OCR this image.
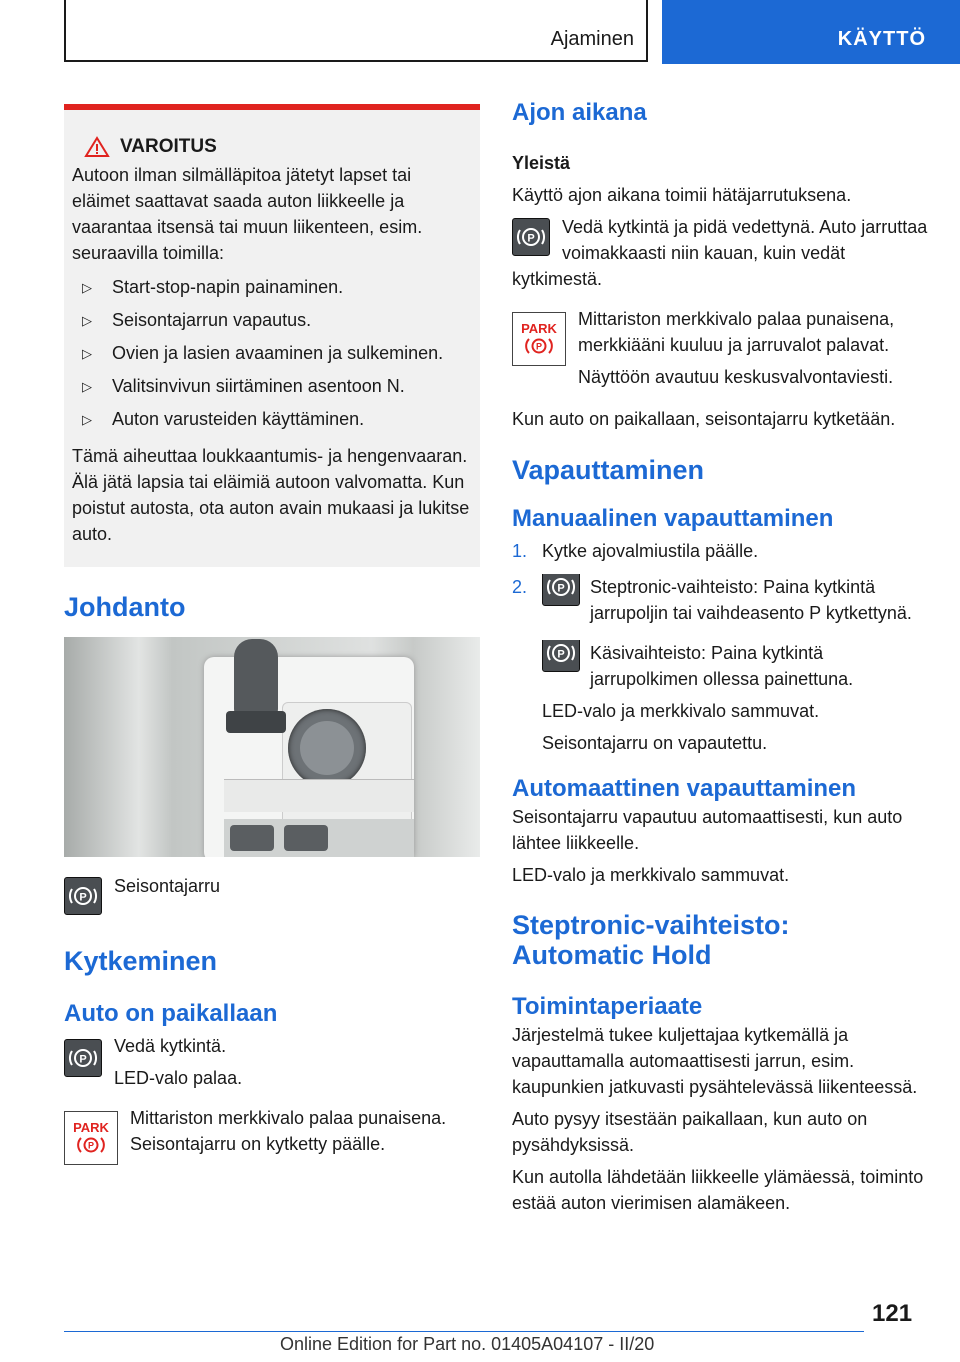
Ajaminen	KÄYTTÖ
VAROITUS

Autoon ilman silmälläpitoa jätetyt lapset tai eläimet saattavat saada auton liikkeelle ja vaarantaa itsensä tai muun liikenteen, esim. seuraavilla toimilla:

▷	Start-stop-napin painaminen.
▷	Seisontajarrun vapautus.
▷	Ovien ja lasien avaaminen ja sulkeminen.
▷	Valitsinvivun siirtäminen asentoon N.
▷	Auton varusteiden käyttäminen.

Tämä aiheuttaa loukkaantumis- ja hengenvaaran. Älä jätä lapsia tai eläimiä autoon valvomatta. Kun poistut autosta, ota auton avain mukaasi ja lukitse auto.

Johdanto
P

Seisontajarru

Kytkeminen
Auto on paikallaan
P

Vedä kytkintä.

LED-valo palaa.

PARK
P

Mittariston merkkivalo palaa punaisena. Seisontajarru on kytketty päälle.

Ajon aikana
Yleistä

Käyttö ajon aikana toimii hätäjarrutuksena.

P

Vedä kytkintä ja pidä vedettynä. Auto jarruttaa voimakkaasti niin kauan, kuin vedät kytkimestä.

PARK
P

Mittariston merkkivalo palaa punaisena, merkkiääni kuuluu ja jarruvalot palavat.

Näyttöön avautuu keskusvalvontaviesti.

Kun auto on paikallaan, seisontajarru kytketään.

Vapauttaminen
Manuaalinen vapauttaminen
1. Kytke ajovalmiustila päälle.
2.	P Steptronic-vaihteisto: Paina kytkintä jarrupoljin tai vaihdeasento P kytkettynä.
P Käsivaihteisto: Paina kytkintä jarrupolkimen ollessa painettuna.
LED-valo ja merkkivalo sammuvat.
Seisontajarru on vapautettu.
Automaattinen vapauttaminen

Seisontajarru vapautuu automaattisesti, kun auto lähtee liikkeelle.

LED-valo ja merkkivalo sammuvat.

Steptronic-vaihteisto: Automatic Hold
Toimintaperiaate

Järjestelmä tukee kuljettajaa kytkemällä ja vapauttamalla automaattisesti jarrun, esim. kaupunkien jatkuvasti pysähtelevässä liikenteessä.

Auto pysyy itsestään paikallaan, kun auto on pysähdyksissä.

Kun autolla lähdetään liikkeelle ylämäessä, toiminto estää auton vierimisen alamäkeen.

121
Online Edition for Part no. 01405A04107 - II/20
